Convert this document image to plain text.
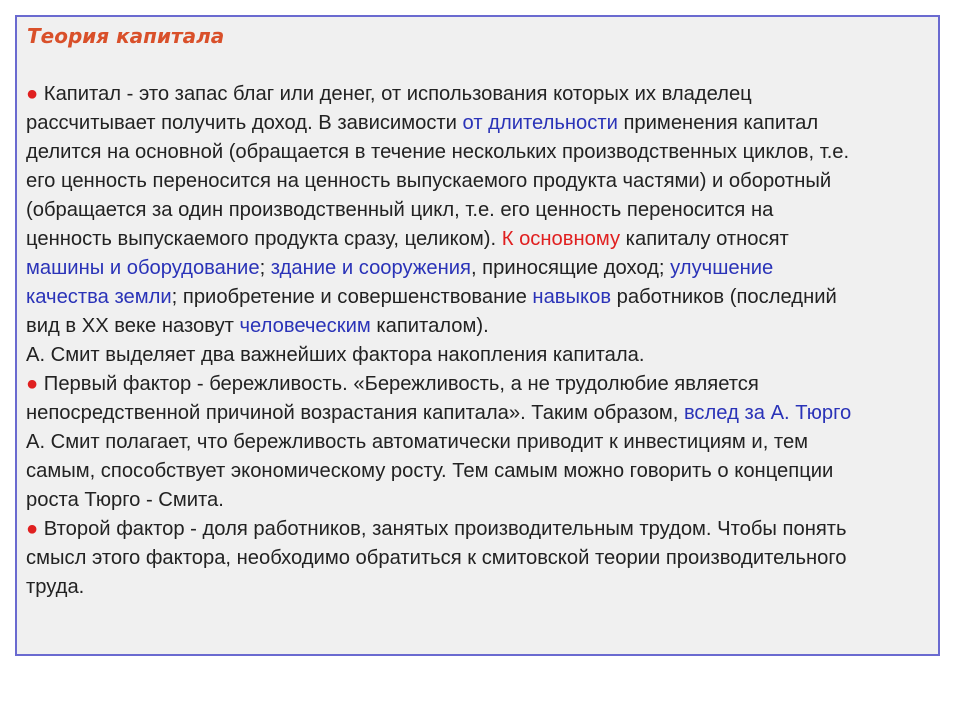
Теория капитала
● Капитал - это запас благ или денег, от использования которых их владелец
рассчитывает получить доход. В зависимости от длительности применения капитал
делится на основной (обращается в течение нескольких производственных циклов, т.е.
его ценность переносится на ценность выпускаемого продукта частями) и оборотный
(обращается за один производственный цикл, т.е. его ценность переносится на
ценность выпускаемого продукта сразу, целиком). К основному капиталу относят
машины и оборудование; здание и сооружения, приносящие доход; улучшение
качества земли; приобретение и совершенствование навыков работников (последний
вид в XX веке назовут человеческим капиталом).
А. Смит выделяет два важнейших фактора накопления капитала.
● Первый фактор - бережливость. «Бережливость, а не трудолюбие является
непосредственной причиной возрастания капитала». Таким образом, вслед за А. Тюрго
А. Смит полагает, что бережливость автоматически приводит к инвестициям и, тем
самым, способствует экономическому росту. Тем самым можно говорить о концепции
роста Тюрго - Смита.
● Второй фактор - доля работников, занятых производительным трудом. Чтобы понять
смысл этого фактора, необходимо обратиться к смитовской теории производительного
труда.
